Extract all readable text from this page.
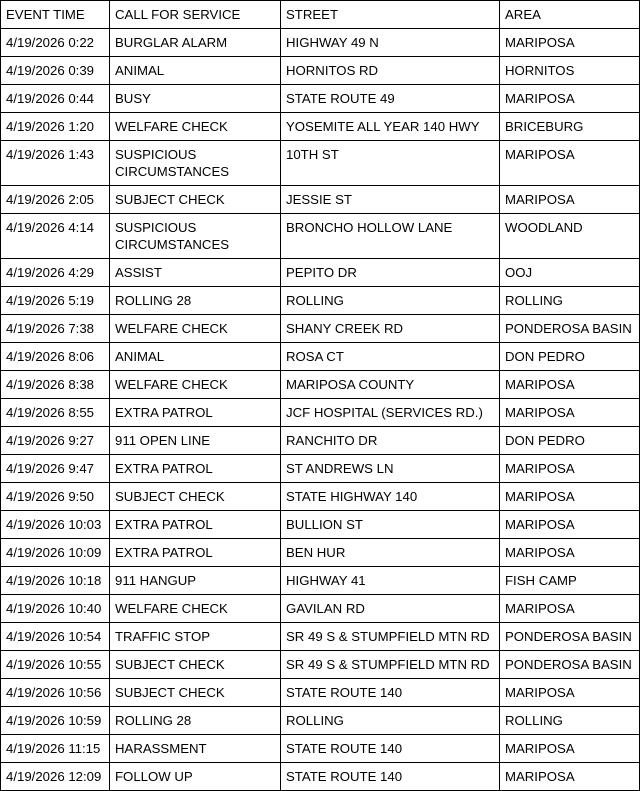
EVENT TIME	CALL FOR SERVICE	STREET	AREA
4/19/2026 0:22	BURGLAR ALARM	HIGHWAY 49 N	MARIPOSA
4/19/2026 0:39	ANIMAL	HORNITOS RD	HORNITOS
4/19/2026 0:44	BUSY	STATE ROUTE 49	MARIPOSA
4/19/2026 1:20	WELFARE CHECK	YOSEMITE ALL YEAR 140 HWY	BRICEBURG
4/19/2026 1:43	SUSPICIOUS CIRCUMSTANCES	10TH ST	MARIPOSA
4/19/2026 2:05	SUBJECT CHECK	JESSIE ST	MARIPOSA
4/19/2026 4:14	SUSPICIOUS CIRCUMSTANCES	BRONCHO HOLLOW LANE	WOODLAND
4/19/2026 4:29	ASSIST	PEPITO DR	OOJ
4/19/2026 5:19	ROLLING 28	ROLLING	ROLLING
4/19/2026 7:38	WELFARE CHECK	SHANY CREEK RD	PONDEROSA BASIN
4/19/2026 8:06	ANIMAL	ROSA CT	DON PEDRO
4/19/2026 8:38	WELFARE CHECK	MARIPOSA COUNTY	MARIPOSA
4/19/2026 8:55	EXTRA PATROL	JCF HOSPITAL (SERVICES RD.)	MARIPOSA
4/19/2026 9:27	911 OPEN LINE	RANCHITO DR	DON PEDRO
4/19/2026 9:47	EXTRA PATROL	ST ANDREWS LN	MARIPOSA
4/19/2026 9:50	SUBJECT CHECK	STATE HIGHWAY 140	MARIPOSA
4/19/2026 10:03	EXTRA PATROL	BULLION ST	MARIPOSA
4/19/2026 10:09	EXTRA PATROL	BEN HUR	MARIPOSA
4/19/2026 10:18	911 HANGUP	HIGHWAY 41	FISH CAMP
4/19/2026 10:40	WELFARE CHECK	GAVILAN RD	MARIPOSA
4/19/2026 10:54	TRAFFIC STOP	SR 49 S & STUMPFIELD MTN RD	PONDEROSA BASIN
4/19/2026 10:55	SUBJECT CHECK	SR 49 S & STUMPFIELD MTN RD	PONDEROSA BASIN
4/19/2026 10:56	SUBJECT CHECK	STATE ROUTE 140	MARIPOSA
4/19/2026 10:59	ROLLING 28	ROLLING	ROLLING
4/19/2026 11:15	HARASSMENT	STATE ROUTE 140	MARIPOSA
4/19/2026 12:09	FOLLOW UP	STATE ROUTE 140	MARIPOSA
